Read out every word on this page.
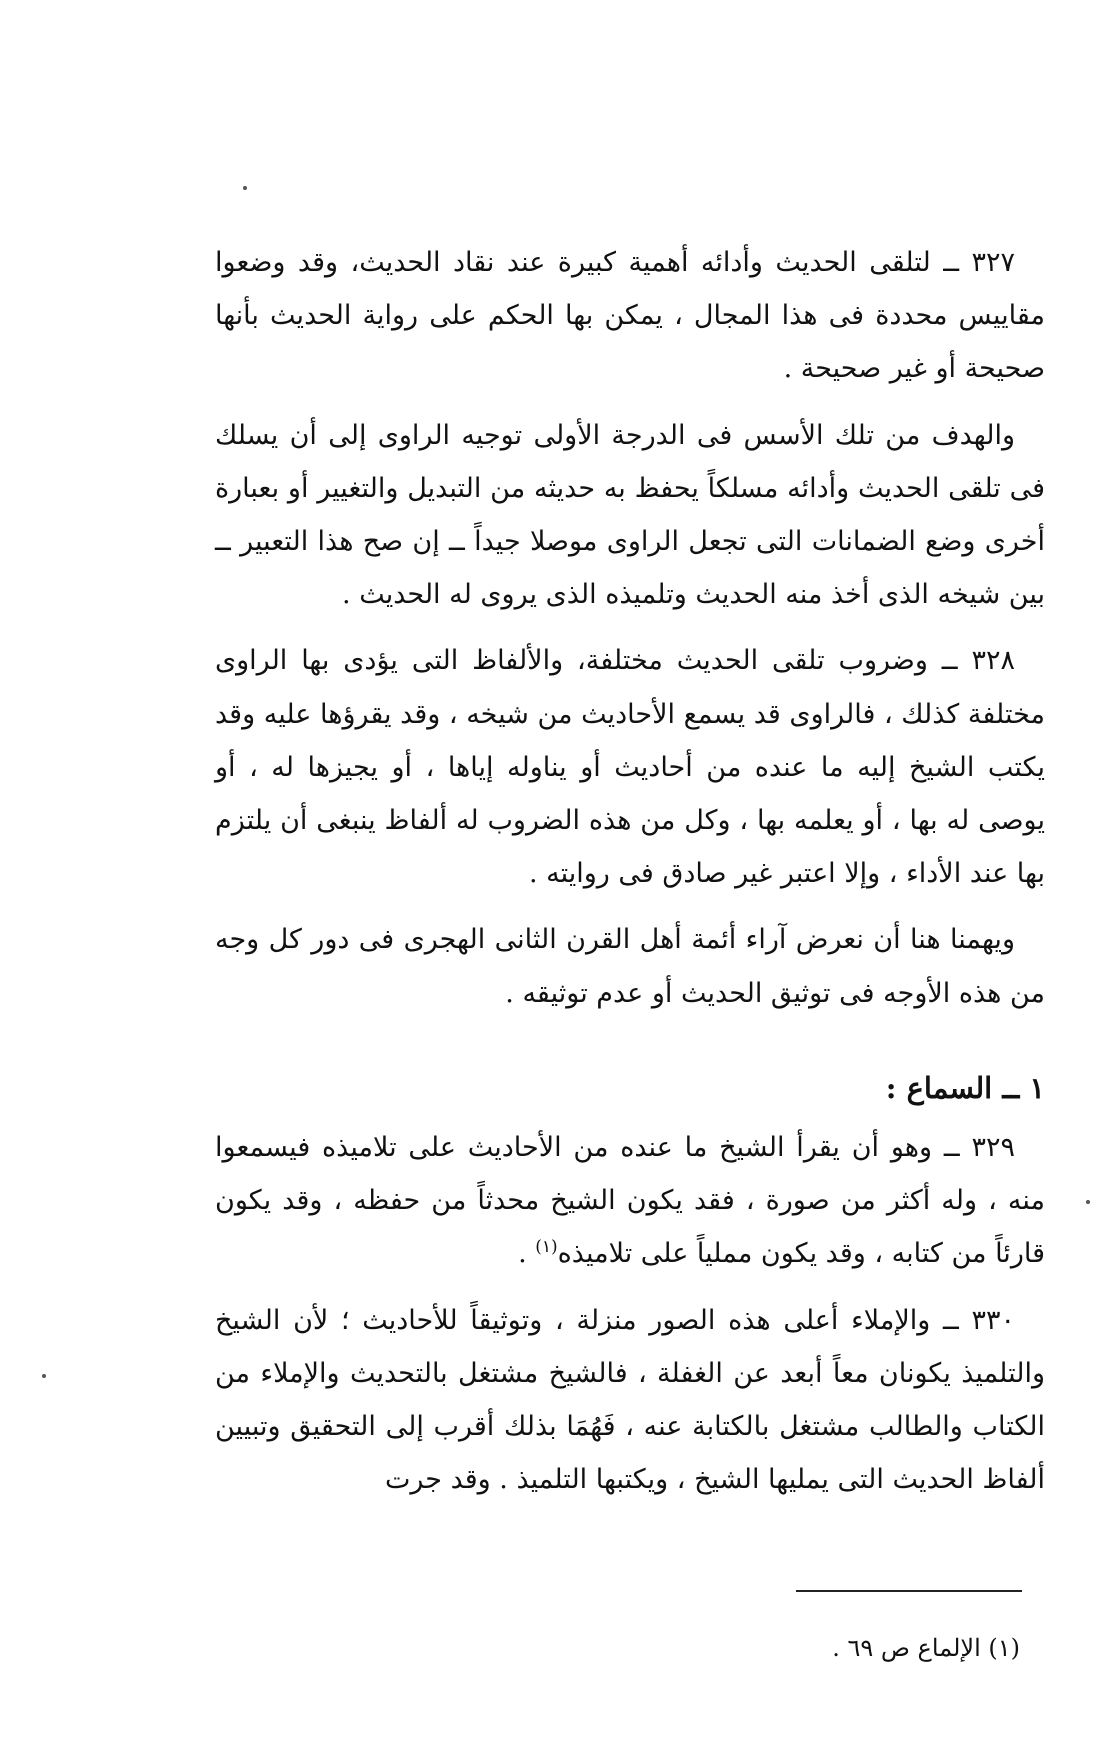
٣٢٧ ــ لتلقى الحديث وأدائه أهمية كبيرة عند نقاد الحديث، وقد وضعوا مقاييس محددة فى هذا المجال ، يمكن بها الحكم على رواية الحديث بأنها صحيحة أو غير صحيحة .

والهدف من تلك الأسس فى الدرجة الأولى توجيه الراوى إلى أن يسلك فى تلقى الحديث وأدائه مسلكاً يحفظ به حديثه من التبديل والتغيير أو بعبارة أخرى وضع الضمانات التى تجعل الراوى موصلا جيداً ــ إن صح هذا التعبير ــ بين شيخه الذى أخذ منه الحديث وتلميذه الذى يروى له الحديث .

٣٢٨ ــ وضروب تلقى الحديث مختلفة، والألفاظ التى يؤدى بها الراوى مختلفة كذلك ، فالراوى قد يسمع الأحاديث من شيخه ، وقد يقرؤها عليه وقد يكتب الشيخ إليه ما عنده من أحاديث أو يناوله إياها ، أو يجيزها له ، أو يوصى له بها ، أو يعلمه بها ، وكل من هذه الضروب له ألفاظ ينبغى أن يلتزم بها عند الأداء ، وإلا اعتبر غير صادق فى روايته .

ويهمنا هنا أن نعرض آراء أئمة أهل القرن الثانى الهجرى فى دور كل وجه من هذه الأوجه فى توثيق الحديث أو عدم توثيقه .

١ ــ السماع :

٣٢٩ ــ وهو أن يقرأ الشيخ ما عنده من الأحاديث على تلاميذه فيسمعوا منه ، وله أكثر من صورة ، فقد يكون الشيخ محدثاً من حفظه ، وقد يكون قارئاً من كتابه ، وقد يكون مملياً على تلاميذه$^{(١)}$ .

٣٣٠ ــ والإملاء أعلى هذه الصور منزلة ، وتوثيقاً للأحاديث ؛ لأن الشيخ والتلميذ يكونان معاً أبعد عن الغفلة ، فالشيخ مشتغل بالتحديث والإملاء من الكتاب والطالب مشتغل بالكتابة عنه ، فَهُمَا بذلك أقرب إلى التحقيق وتبيين ألفاظ الحديث التى يمليها الشيخ ، ويكتبها التلميذ . وقد جرت

(١) الإلماع ص ٦٩ .
